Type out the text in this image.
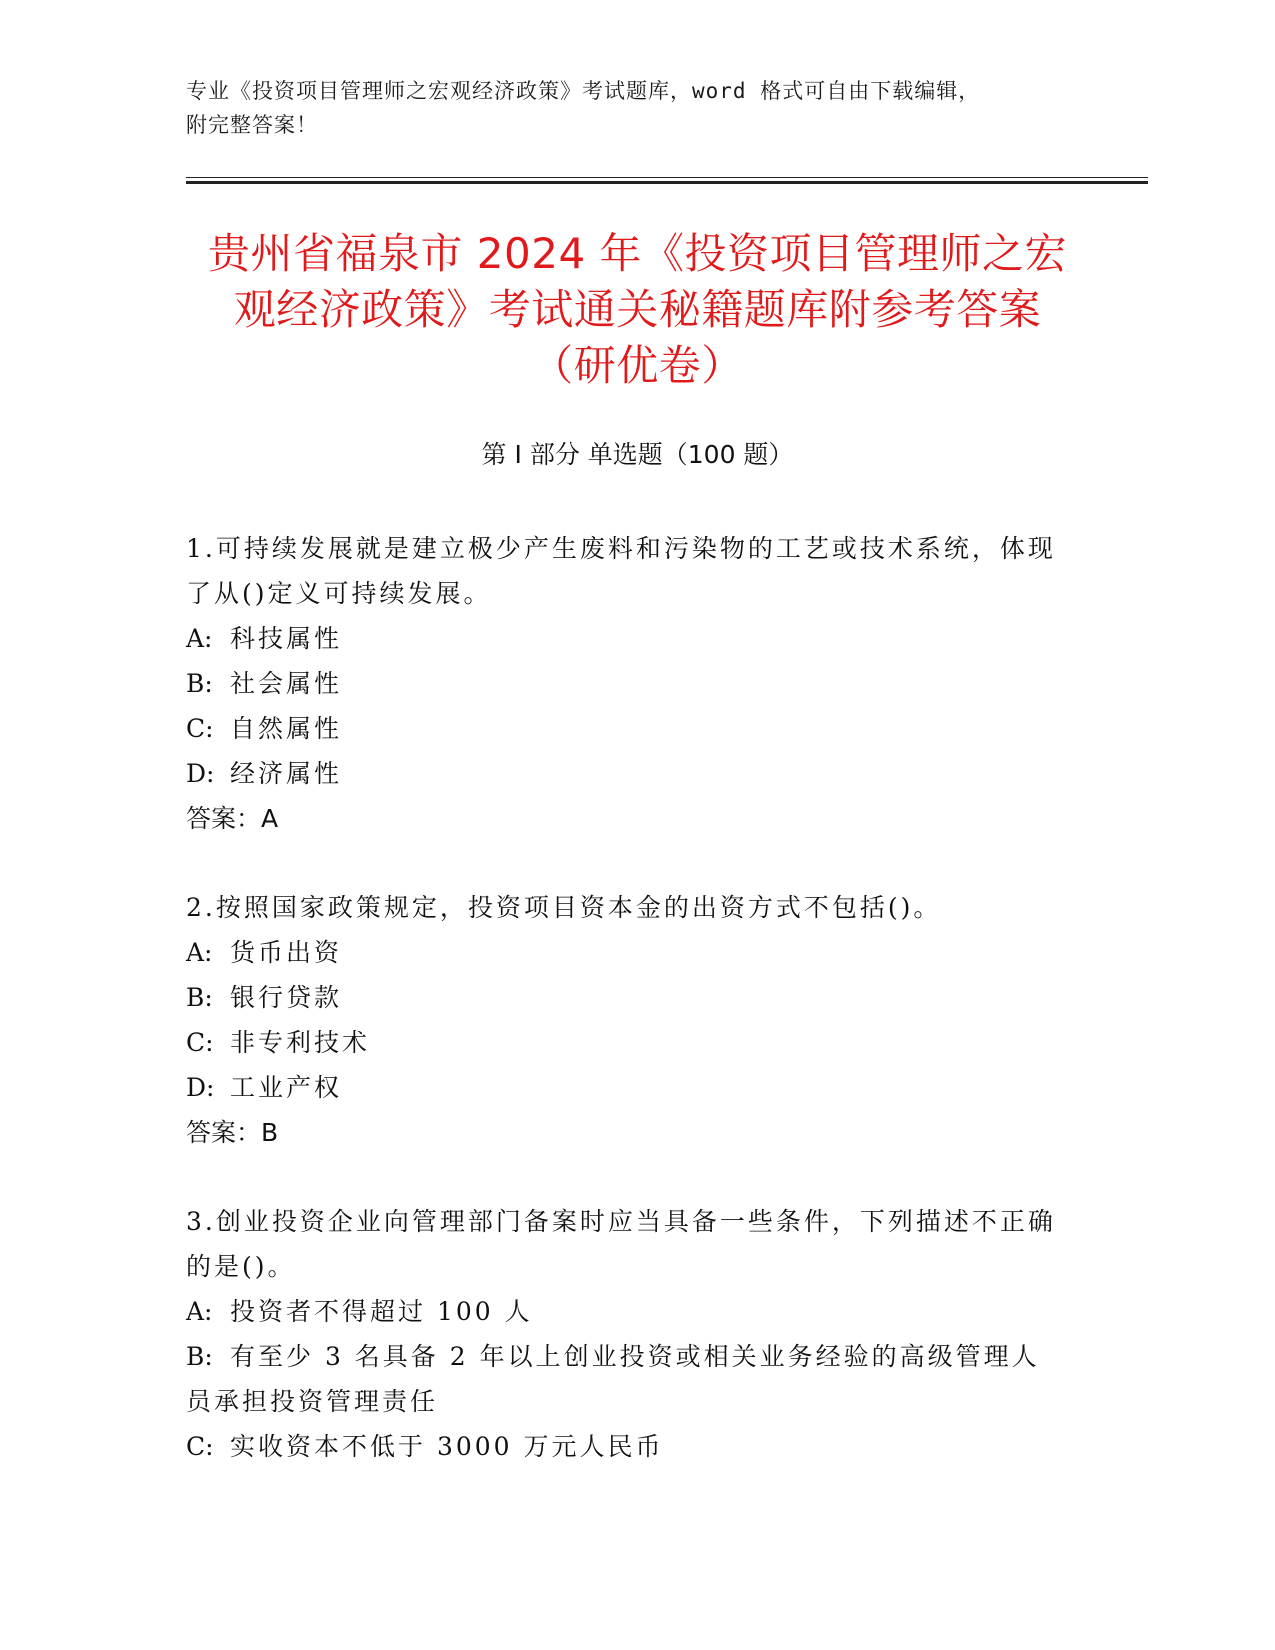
专业《投资项目管理师之宏观经济政策》考试题库，word 格式可自由下载编辑，
附完整答案！
贵州省福泉市 2024 年《投资项目管理师之宏
观经济政策》考试通关秘籍题库附参考答案
（研优卷）
第 I 部分 单选题（100 题）

1.可持续发展就是建立极少产生废料和污染物的工艺或技术系统，体现了从()定义可持续发展。

A: 科技属性

B: 社会属性

C: 自然属性

D: 经济属性

答案：A

2.按照国家政策规定，投资项目资本金的出资方式不包括()。

A: 货币出资

B: 银行贷款

C: 非专利技术

D: 工业产权

答案：B

3.创业投资企业向管理部门备案时应当具备一些条件，下列描述不正确的是()。

A: 投资者不得超过 100 人

B: 有至少 3 名具备 2 年以上创业投资或相关业务经验的高级管理人员承担投资管理责任

C: 实收资本不低于 3000 万元人民币
